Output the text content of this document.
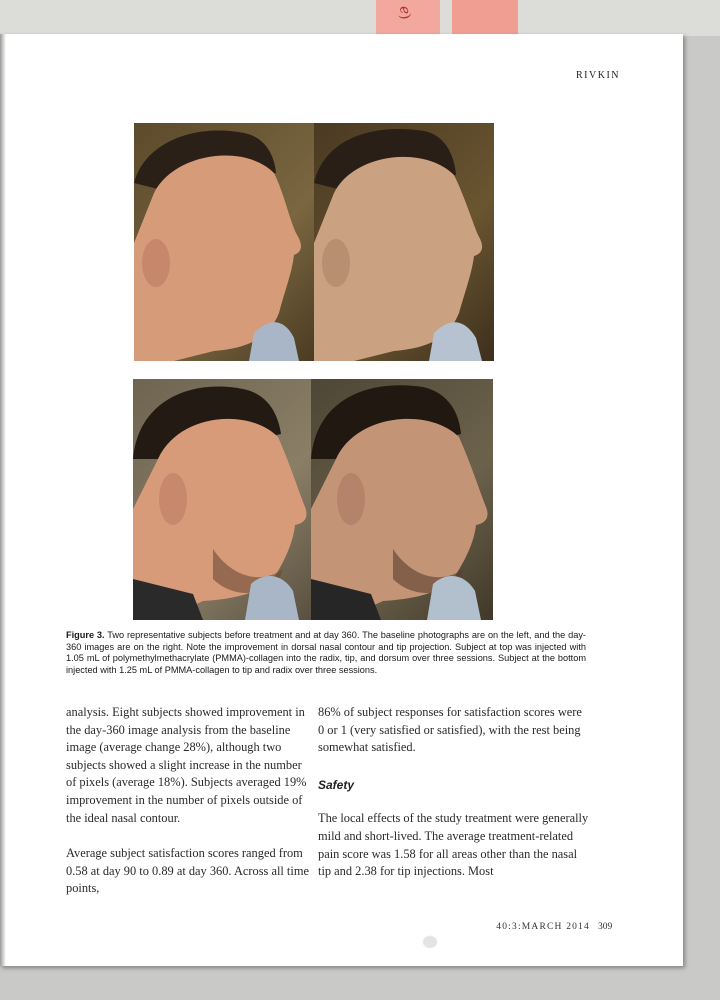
ℯ)
RIVKIN
Figure 3. Two representative subjects before treatment and at day 360. The baseline photographs are on the left, and the day-360 images are on the right. Note the improvement in dorsal nasal contour and tip projection. Subject at top was injected with 1.05 mL of polymethylmethacrylate (PMMA)-collagen into the radix, tip, and dorsum over three sessions. Subject at the bottom injected with 1.25 mL of PMMA-collagen to tip and radix over three sessions.

analysis. Eight subjects showed improvement in the day-360 image analysis from the baseline image (average change 28%), although two subjects showed a slight increase in the number of pixels (average 18%). Subjects averaged 19% improvement in the number of pixels outside of the ideal nasal contour.

Average subject satisfaction scores ranged from 0.58 at day 90 to 0.89 at day 360. Across all time points,

86% of subject responses for satisfaction scores were 0 or 1 (very satisfied or satisfied), with the rest being somewhat satisfied.

Safety

The local effects of the study treatment were generally mild and short-lived. The average treatment-related pain score was 1.58 for all areas other than the nasal tip and 2.38 for tip injections. Most

40:3:MARCH 2014 309
